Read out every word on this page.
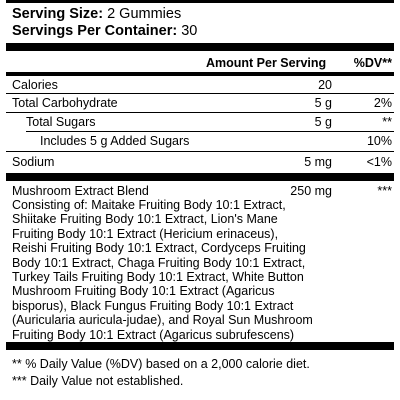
Serving Size: 2 Gummies
Servings Per Container: 30
Amount Per Serving	%DV**
Calories	20
Total Carbohydrate	5 g	2%
Total Sugars	5 g	**
Includes 5 g Added Sugars	10%
Sodium	5 mg	<1%
Mushroom Extract Blend	250 mg	***
Consisting of: Maitake Fruiting Body 10:1 Extract,
Shiitake Fruiting Body 10:1 Extract, Lion's Mane
Fruiting Body 10:1 Extract (Hericium erinaceus),
Reishi Fruiting Body 10:1 Extract, Cordyceps Fruiting
Body 10:1 Extract, Chaga Fruiting Body 10:1 Extract,
Turkey Tails Fruiting Body 10:1 Extract, White Button
Mushroom Fruiting Body 10:1 Extract (Agaricus
bisporus), Black Fungus Fruiting Body 10:1 Extract
(Auricularia auricula-judae), and Royal Sun Mushroom
Fruiting Body 10:1 Extract (Agaricus subrufescens)
** % Daily Value (%DV) based on a 2,000 calorie diet.
*** Daily Value not established.
